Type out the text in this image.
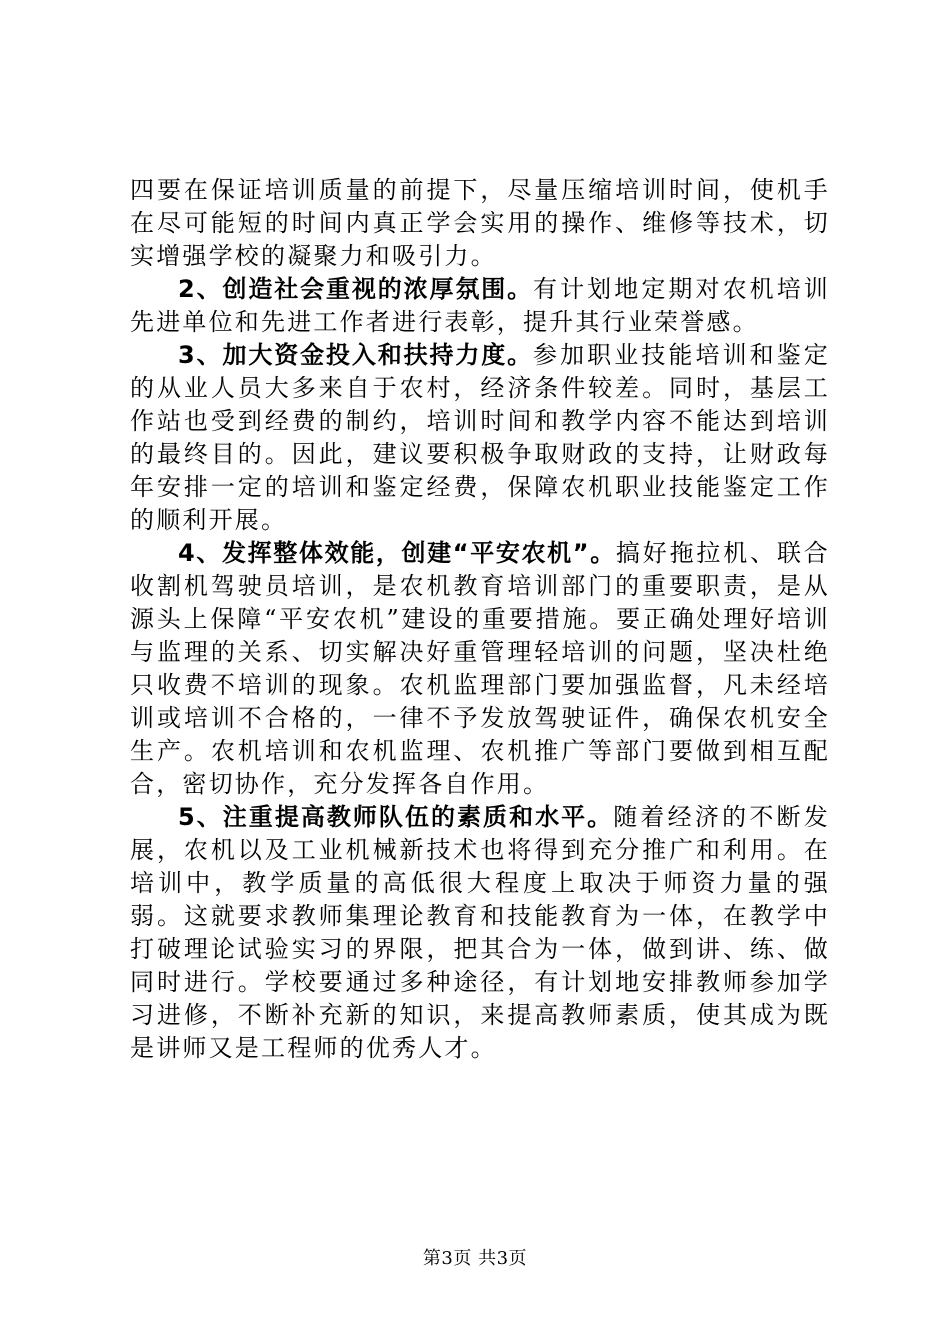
四要在保证培训质量的前提下，尽量压缩培训时间，使机手在尽可能短的时间内真正学会实用的操作、维修等技术，切实增强学校的凝聚力和吸引力。

2、创造社会重视的浓厚氛围。有计划地定期对农机培训先进单位和先进工作者进行表彰，提升其行业荣誉感。

3、加大资金投入和扶持力度。参加职业技能培训和鉴定的从业人员大多来自于农村，经济条件较差。同时，基层工作站也受到经费的制约，培训时间和教学内容不能达到培训的最终目的。因此，建议要积极争取财政的支持，让财政每年安排一定的培训和鉴定经费，保障农机职业技能鉴定工作的顺利开展。

4、发挥整体效能，创建“平安农机”。搞好拖拉机、联合收割机驾驶员培训，是农机教育培训部门的重要职责，是从源头上保障“平安农机”建设的重要措施。要正确处理好培训与监理的关系、切实解决好重管理轻培训的问题，坚决杜绝只收费不培训的现象。农机监理部门要加强监督，凡未经培训或培训不合格的，一律不予发放驾驶证件，确保农机安全生产。农机培训和农机监理、农机推广等部门要做到相互配合，密切协作，充分发挥各自作用。

5、注重提高教师队伍的素质和水平。随着经济的不断发展，农机以及工业机械新技术也将得到充分推广和利用。在培训中，教学质量的高低很大程度上取决于师资力量的强弱。这就要求教师集理论教育和技能教育为一体，在教学中打破理论试验实习的界限，把其合为一体，做到讲、练、做同时进行。学校要通过多种途径，有计划地安排教师参加学习进修，不断补充新的知识，来提高教师素质，使其成为既是讲师又是工程师的优秀人才。

第3页 共3页
